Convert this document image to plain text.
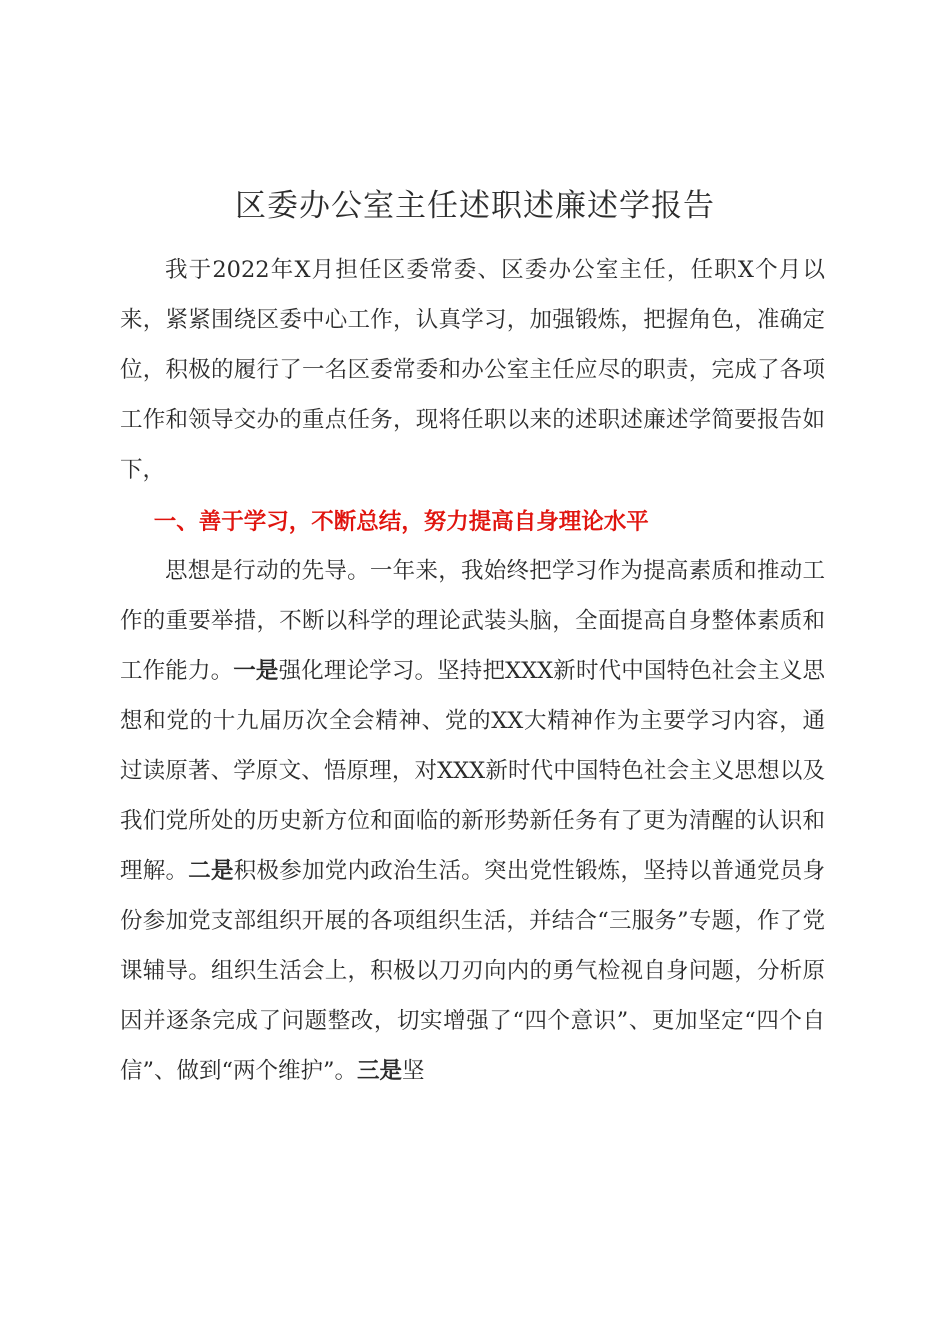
区委办公室主任述职述廉述学报告

我于2022年X月担任区委常委、区委办公室主任，任职X个月以来，紧紧围绕区委中心工作，认真学习，加强锻炼，把握角色，准确定位，积极的履行了一名区委常委和办公室主任应尽的职责，完成了各项工作和领导交办的重点任务，现将任职以来的述职述廉述学简要报告如下，

一、善于学习，不断总结，努力提高自身理论水平

思想是行动的先导。一年来，我始终把学习作为提高素质和推动工作的重要举措，不断以科学的理论武装头脑，全面提高自身整体素质和工作能力。一是强化理论学习。坚持把XXX新时代中国特色社会主义思想和党的十九届历次全会精神、党的XX大精神作为主要学习内容，通过读原著、学原文、悟原理，对XXX新时代中国特色社会主义思想以及我们党所处的历史新方位和面临的新形势新任务有了更为清醒的认识和理解。二是积极参加党内政治生活。突出党性锻炼，坚持以普通党员身份参加党支部组织开展的各项组织生活，并结合“三服务”专题，作了党课辅导。组织生活会上，积极以刀刃向内的勇气检视自身问题，分析原因并逐条完成了问题整改，切实增强了“四个意识”、更加坚定“四个自信”、做到“两个维护”。三是坚
